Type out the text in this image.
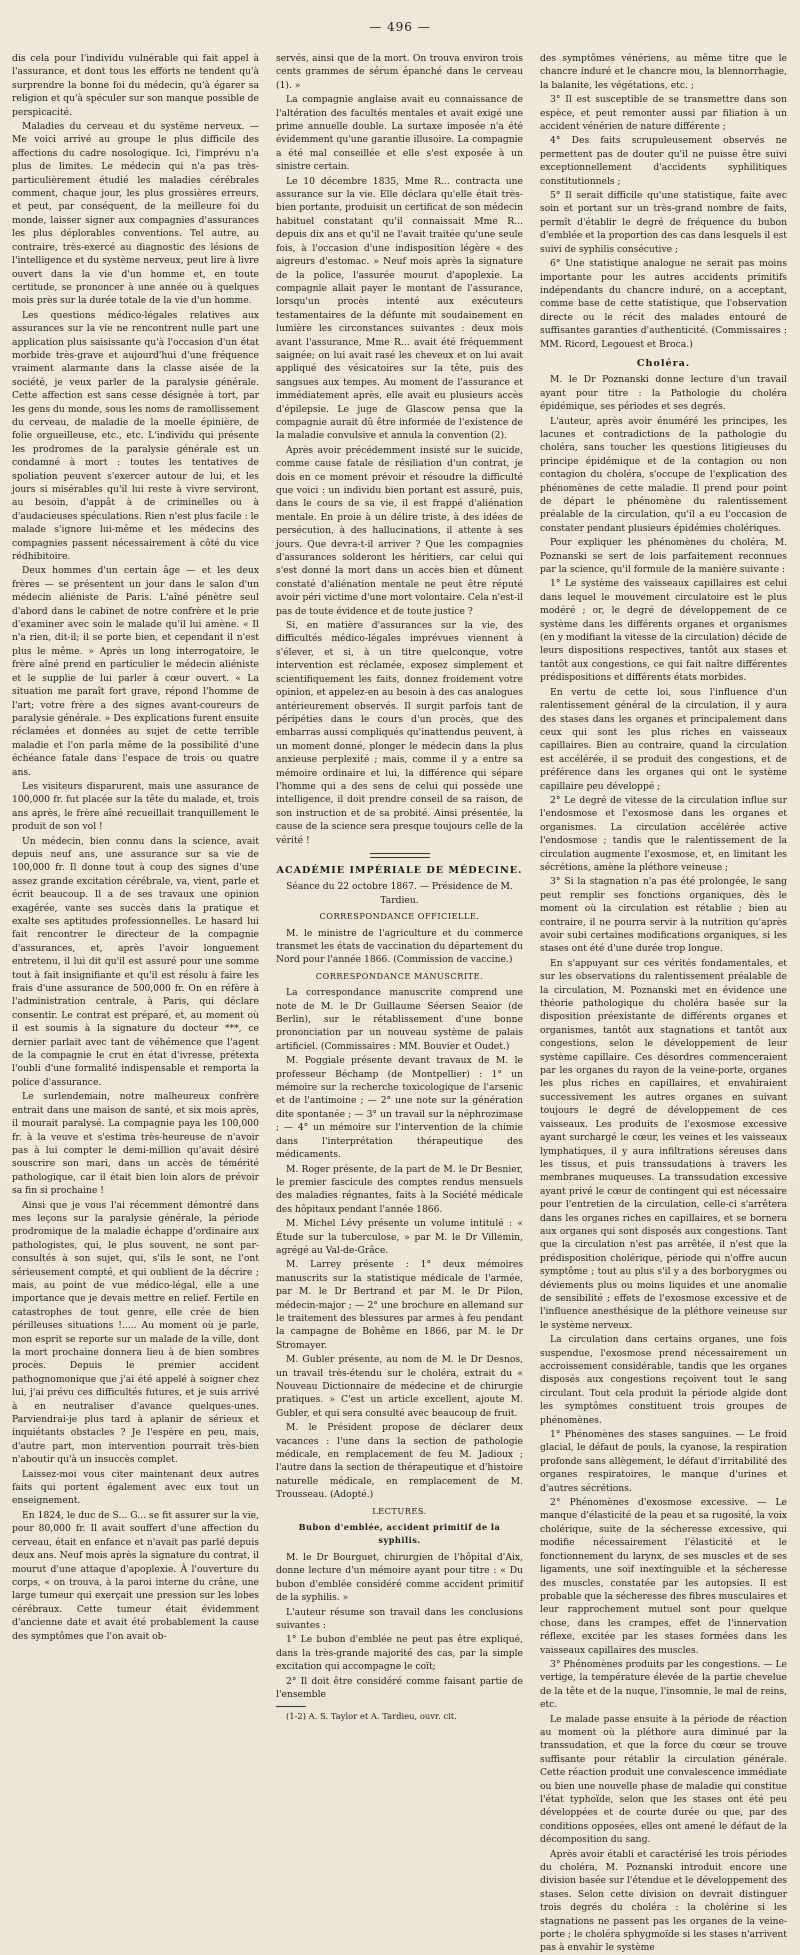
— 496 —

dis cela pour l'individu vulnérable qui fait appel à l'assurance, et dont tous les efforts ne tendent qu'à surprendre la bonne foi du médecin, qu'à égarer sa religion et qu'à spéculer sur son manque possible de perspicacité.

Maladies du cerveau et du système nerveux. — Me voici arrivé au groupe le plus difficile des affections du cadre nosologique. Ici, l'imprévu n'a plus de limites. Le médecin qui n'a pas très-particulièrement étudié les maladies cérébrales comment, chaque jour, les plus grossières erreurs, et peut, par conséquent, de la meilleure foi du monde, laisser signer aux compagnies d'assurances les plus déplorables conventions. Tel autre, au contraire, très-exercé au diagnostic des lésions de l'intelligence et du système nerveux, peut lire à livre ouvert dans la vie d'un homme et, en toute certitude, se prononcer à une année ou à quelques mois près sur la durée totale de la vie d'un homme.

Les questions médico-légales relatives aux assurances sur la vie ne rencontrent nulle part une application plus saisissante qu'à l'occasion d'un état morbide très-grave et aujourd'hui d'une fréquence vraiment alarmante dans la classe aisée de la société, je veux parler de la paralysie générale. Cette affection est sans cesse désignée à tort, par les gens du monde, sous les noms de ramollissement du cerveau, de maladie de la moelle épinière, de folie orgueilleuse, etc., etc. L'individu qui présente les prodromes de la paralysie générale est un condamné à mort : toutes les tentatives de spoliation peuvent s'exercer autour de lui, et les jours si misérables qu'il lui reste à vivre serviront, au besoin, d'appât à de criminelles ou à d'audacieuses spéculations. Rien n'est plus facile : le malade s'ignore lui-même et les médecins des compagnies passent nécessairement à côté du vice rédhibitoire.

Deux hommes d'un certain âge — et les deux frères — se présentent un jour dans le salon d'un médecin aliéniste de Paris. L'aîné pénètre seul d'abord dans le cabinet de notre confrère et le prie d'examiner avec soin le malade qu'il lui amène. « Il n'a rien, dit-il; il se porte bien, et cependant il n'est plus le même. » Après un long interrogatoire, le frère aîné prend en particulier le médecin aliéniste et le supplie de lui parler à cœur ouvert. « La situation me paraît fort grave, répond l'homme de l'art; votre frère a des signes avant-coureurs de paralysie générale. » Des explications furent ensuite réclamées et données au sujet de cette terrible maladie et l'on parla même de la possibilité d'une échéance fatale dans l'espace de trois ou quatre ans.

Les visiteurs disparurent, mais une assurance de 100,000 fr. fut placée sur la tête du malade, et, trois ans après, le frère aîné recueillait tranquillement le produit de son vol !

Un médecin, bien connu dans la science, avait depuis neuf ans, une assurance sur sa vie de 100,000 fr. Il donne tout à coup des signes d'une assez grande excitation cérébrale, va, vient, parle et écrit beaucoup. Il a de ses travaux une opinion exagérée, vante ses succès dans la pratique et exalte ses aptitudes professionnelles. Le hasard lui fait rencontrer le directeur de la compagnie d'assurances, et, après l'avoir longuement entretenu, il lui dit qu'il est assuré pour une somme tout à fait insignifiante et qu'il est résolu à faire les frais d'une assurance de 500,000 fr. On en réfère à l'administration centrale, à Paris, qui déclare consentir. Le contrat est préparé, et, au moment où il est soumis à la signature du docteur ***, ce dernier parlait avec tant de véhémence que l'agent de la compagnie le crut en état d'ivresse, prétexta l'oubli d'une formalité indispensable et remporta la police d'assurance.

Le surlendemain, notre malheureux confrère entrait dans une maison de santé, et six mois après, il mourait paralysé. La compagnie paya les 100,000 fr. à la veuve et s'estima très-heureuse de n'avoir pas à lui compter le demi-million qu'avait désiré souscrire son mari, dans un accès de témérité pathologique, car il était bien loin alors de prévoir sa fin si prochaine !

Ainsi que je vous l'ai récemment démontré dans mes leçons sur la paralysie générale, la période prodromique de la maladie échappe d'ordinaire aux pathologistes, qui, le plus souvent, ne sont par-consultés à son sujet, qui, s'ils le sont, ne l'ont sérieusement compté, et qui oublient de la décrire ; mais, au point de vue médico-légal, elle a une importance que je devais mettre en relief. Fertile en catastrophes de tout genre, elle crée de bien périlleuses situations !..... Au moment où je parle, mon esprit se reporte sur un malade de la ville, dont la mort prochaine donnera lieu à de bien sombres procès. Depuis le premier accident pathognomonique que j'ai été appelé à soigner chez lui, j'ai prévu ces difficultés futures, et je suis arrivé à en neutraliser d'avance quelques-unes. Parviendrai-je plus tard à aplanir de sérieux et inquiétants obstacles ? Je l'espère en peu, mais, d'autre part, mon intervention pourrait très-bien n'aboutir qu'à un insuccès complet.

Laissez-moi vous citer maintenant deux autres faits qui portent également avec eux tout un enseignement.

En 1824, le duc de S... G... se fit assurer sur la vie, pour 80,000 fr. Il avait souffert d'une affection du cerveau, était en enfance et n'avait pas parlé depuis deux ans. Neuf mois après la signature du contrat, il mourut d'une attaque d'apoplexie. À l'ouverture du corps, « on trouva, à la paroi interne du crâne, une large tumeur qui exerçait une pression sur les lobes cérébraux. Cette tumeur était évidemment d'ancienne date et avait été probablement la cause des symptômes que l'on avait ob-

servés, ainsi que de la mort. On trouva environ trois cents grammes de sérum épanché dans le cerveau (1). »

La compagnie anglaise avait eu connaissance de l'altération des facultés mentales et avait exigé une prime annuelle double. La surtaxe imposée n'a été évidemment qu'une garantie illusoire. La compagnie a été mal conseillée et elle s'est exposée à un sinistre certain.

Le 10 décembre 1835, Mme R... contracta une assurance sur la vie. Elle déclara qu'elle était très-bien portante, produisit un certificat de son médecin habituel constatant qu'il connaissait Mme R... depuis dix ans et qu'il ne l'avait traitée qu'une seule fois, à l'occasion d'une indisposition légère « des aigreurs d'estomac. » Neuf mois après la signature de la police, l'assurée mourut d'apoplexie. La compagnie allait payer le montant de l'assurance, lorsqu'un procès intenté aux exécuteurs testamentaires de la défunte mit soudainement en lumière les circonstances suivantes : deux mois avant l'assurance, Mme R... avait été fréquemment saignée; on lui avait rasé les cheveux et on lui avait appliqué des vésicatoires sur la tête, puis des sangsues aux tempes. Au moment de l'assurance et immédiatement après, elle avait eu plusieurs accès d'épilepsie. Le juge de Glascow pensa que la compagnie aurait dû être informée de l'existence de la maladie convulsive et annula la convention (2).

Après avoir précédemment insisté sur le suicide, comme cause fatale de résiliation d'un contrat, je dois en ce moment prévoir et résoudre la difficulté que voici : un individu bien portant est assuré, puis, dans le cours de sa vie, il est frappé d'aliénation mentale. En proie à un délire triste, à des idées de persécution, à des hallucinations, il attente à ses jours. Que devra-t-il arriver ? Que les compagnies d'assurances solderont les héritiers, car celui qui s'est donné la mort dans un accès bien et dûment constaté d'aliénation mentale ne peut être réputé avoir péri victime d'une mort volontaire. Cela n'est-il pas de toute évidence et de toute justice ?

Si, en matière d'assurances sur la vie, des difficultés médico-légales imprévues viennent à s'élever, et si, à un titre quelconque, votre intervention est réclamée, exposez simplement et scientifiquement les faits, donnez froidement votre opinion, et appelez-en au besoin à des cas analogues antérieurement observés. Il surgit parfois tant de péripéties dans le cours d'un procès, que des embarras aussi compliqués qu'inattendus peuvent, à un moment donné, plonger le médecin dans la plus anxieuse perplexité ; mais, comme il y a entre sa mémoire ordinaire et lui, la différence qui sépare l'homme qui a des sens de celui qui possède une intelligence, il doit prendre conseil de sa raison, de son instruction et de sa probité. Ainsi présentée, la cause de la science sera presque toujours celle de la vérité !

ACADÉMIE IMPÉRIALE DE MÉDECINE.

Séance du 22 octobre 1867. — Présidence de M. Tardieu.

CORRESPONDANCE OFFICIELLE.

M. le ministre de l'agriculture et du commerce transmet les états de vaccination du département du Nord pour l'année 1866. (Commission de vaccine.)

CORRESPONDANCE MANUSCRITE.

La correspondance manuscrite comprend une note de M. le Dr Guillaume Séersen Seaior (de Berlin), sur le rétablissement d'une bonne prononciation par un nouveau système de palais artificiel. (Commissaires : MM. Bouvier et Oudet.)

M. Poggiale présente devant travaux de M. le professeur Béchamp (de Montpellier) : 1° un mémoire sur la recherche toxicologique de l'arsenic et de l'antimoine ; — 2° une note sur la génération dite spontanée ; — 3° un travail sur la néphrozimase ; — 4° un mémoire sur l'intervention de la chimie dans l'interprétation thérapeutique des médicaments.

M. Roger présente, de la part de M. le Dr Besnier, le premier fascicule des comptes rendus mensuels des maladies régnantes, faits à la Société médicale des hôpitaux pendant l'année 1866.

M. Michel Lévy présente un volume intitulé : « Étude sur la tuberculose, » par M. le Dr Villemin, agrégé au Val-de-Grâce.

M. Larrey présente : 1° deux mémoires manuscrits sur la statistique médicale de l'armée, par M. le Dr Bertrand et par M. le Dr Pilon, médecin-major ; — 2° une brochure en allemand sur le traitement des blessures par armes à feu pendant la campagne de Bohême en 1866, par M. le Dr Stromayer.

M. Gubler présente, au nom de M. le Dr Desnos, un travail très-étendu sur le choléra, extrait du « Nouveau Dictionnaire de médecine et de chirurgie pratiques. » C'est un article excellent, ajoute M. Gubler, et qui sera consulté avec beaucoup de fruit.

M. le Président propose de déclarer deux vacances : l'une dans la section de pathologie médicale, en remplacement de feu M. Jadioux ; l'autre dans la section de thérapeutique et d'histoire naturelle médicale, en remplacement de M. Trousseau. (Adopté.)

LECTURES.
Bubon d'emblée, accident primitif de la syphilis.

M. le Dr Bourguet, chirurgien de l'hôpital d'Aix, donne lecture d'un mémoire ayant pour titre : « Du bubon d'emblée considéré comme accident primitif de la syphilis. »

L'auteur résume son travail dans les conclusions suivantes :

1° Le bubon d'emblée ne peut pas être expliqué, dans la très-grande majorité des cas, par la simple excitation qui accompagne le coït;

2° Il doit être considéré comme faisant partie de l'ensemble

(1-2) A. S. Taylor et A. Tardieu, ouvr. cit.

des symptômes vénériens, au même titre que le chancre induré et le chancre mou, la blennorrhagie, la balanite, les végétations, etc. ;

3° Il est susceptible de se transmettre dans son espèce, et peut remonter aussi par filiation à un accident vénérien de nature différente ;

4° Des faits scrupuleusement observés ne permettent pas de douter qu'il ne puisse être suivi exceptionnellement d'accidents syphilitiques constitutionnels ;

5° Il serait difficile qu'une statistique, faite avec soin et portant sur un très-grand nombre de faits, permît d'établir le degré de fréquence du bubon d'emblée et la proportion des cas dans lesquels il est suivi de syphilis consécutive ;

6° Une statistique analogue ne serait pas moins importante pour les autres accidents primitifs indépendants du chancre induré, on a acceptant, comme base de cette statistique, que l'observation directe ou le récit des malades entouré de suffisantes garanties d'authenticité. (Commissaires : MM. Ricord, Legouest et Broca.)

Choléra.

M. le Dr Poznanski donne lecture d'un travail ayant pour titre : la Pathologie du choléra épidémique, ses périodes et ses degrés.

L'auteur, après avoir énuméré les principes, les lacunes et contradictions de la pathologie du choléra, sans toucher les questions litigieuses du principe épidémique et de la contagion ou non contagion du choléra, s'occupe de l'explication des phénomènes de cette maladie. Il prend pour point de départ le phénomène du ralentissement préalable de la circulation, qu'il a eu l'occasion de constater pendant plusieurs épidémies cholériques.

Pour expliquer les phénomènes du choléra, M. Poznanski se sert de lois parfaitement reconnues par la science, qu'il formule de la manière suivante :

1° Le système des vaisseaux capillaires est celui dans lequel le mouvement circulatoire est le plus modéré ; or, le degré de développement de ce système dans les différents organes et organismes (en y modifiant la vitesse de la circulation) décide de leurs dispositions respectives, tantôt aux stases et tantôt aux congestions, ce qui fait naître différentes prédispositions et différents états morbides.

En vertu de cette loi, sous l'influence d'un ralentissement général de la circulation, il y aura des stases dans les organes et principalement dans ceux qui sont les plus riches en vaisseaux capillaires. Bien au contraire, quand la circulation est accélérée, il se produit des congestions, et de préférence dans les organes qui ont le système capillaire peu développé ;

2° Le degré de vitesse de la circulation influe sur l'endosmose et l'exosmose dans les organes et organismes. La circulation accélérée active l'endosmose ; tandis que le ralentissement de la circulation augmente l'exosmose, et, en limitant les sécrétions, amène la pléthore veineuse ;

3° Si la stagnation n'a pas été prolongée, le sang peut remplir ses fonctions organiques, dès le moment où la circulation est rétablie ; bien au contraire, il ne pourra servir à la nutrition qu'après avoir subi certaines modifications organiques, si les stases ont été d'une durée trop longue.

En s'appuyant sur ces vérités fondamentales, et sur les observations du ralentissement préalable de la circulation, M. Poznanski met en évidence une théorie pathologique du choléra basée sur la disposition préexistante de différents organes et organismes, tantôt aux stagnations et tantôt aux congestions, selon le développement de leur système capillaire. Ces désordres commenceraient par les organes du rayon de la veine-porte, organes les plus riches en capillaires, et envahiraient successivement les autres organes en suivant toujours le degré de développement de ces vaisseaux. Les produits de l'exosmose excessive ayant surchargé le cœur, les veines et les vaisseaux lymphatiques, il y aura infiltrations séreuses dans les tissus, et puis transsudations à travers les membranes muqueuses. La transsudation excessive ayant privé le cœur de contingent qui est nécessaire pour l'entretien de la circulation, celle-ci s'arrêtera dans les organes riches en capillaires, et se bornera aux organes qui sont disposés aux congestions. Tant que la circulation n'est pas arrêtée, il n'est que la prédisposition cholérique, période qui n'offre aucun symptôme ; tout au plus s'il y a des borborygmes ou déviements plus ou moins liquides et une anomalie de sensibilité ; effets de l'exosmose excessive et de l'influence anesthésique de la pléthore veineuse sur le système nerveux.

La circulation dans certains organes, une fois suspendue, l'exosmose prend nécessairement un accroissement considérable, tandis que les organes disposés aux congestions reçoivent tout le sang circulant. Tout cela produit la période algide dont les symptômes constituent trois groupes de phénomènes.

1° Phénomènes des stases sanguines. — Le froid glacial, le défaut de pouls, la cyanose, la respiration profonde sans allègement, le défaut d'irritabilité des organes respiratoires, le manque d'urines et d'autres sécrétions.

2° Phénomènes d'exosmose excessive. — Le manque d'élasticité de la peau et sa rugosité, la voix cholérique, suite de la sécheresse excessive, qui modifie nécessairement l'élasticité et le fonctionnement du larynx, de ses muscles et de ses ligaments, une soif inextinguible et la sécheresse des muscles, constatée par les autopsies. Il est probable que la sécheresse des fibres musculaires et leur rapprochement mutuel sont pour quelque chose, dans les crampes, effet de l'innervation réflexe, excitée par les stases formées dans les vaisseaux capillaires des muscles.

3° Phénomènes produits par les congestions. — Le vertige, la température élevée de la partie chevelue de la tête et de la nuque, l'insomnie, le mal de reins, etc.

Le malade passe ensuite à la période de réaction au moment où la pléthore aura diminué par la transsudation, et que la force du cœur se trouve suffisante pour rétablir la circulation générale. Cette réaction produit une convalescence immédiate ou bien une nouvelle phase de maladie qui constitue l'état typhoïde, selon que les stases ont été peu développées et de courte durée ou que, par des conditions opposées, elles ont amené le défaut de la décomposition du sang.

Après avoir établi et caractérisé les trois périodes du choléra, M. Poznanski introduit encore une division basée sur l'étendue et le développement des stases. Selon cette division on devrait distinguer trois degrés du choléra : la cholérine si les stagnations ne passent pas les organes de la veine-porte ; le choléra sphygmoïde si les stases n'arrivent pas à envahir le système
